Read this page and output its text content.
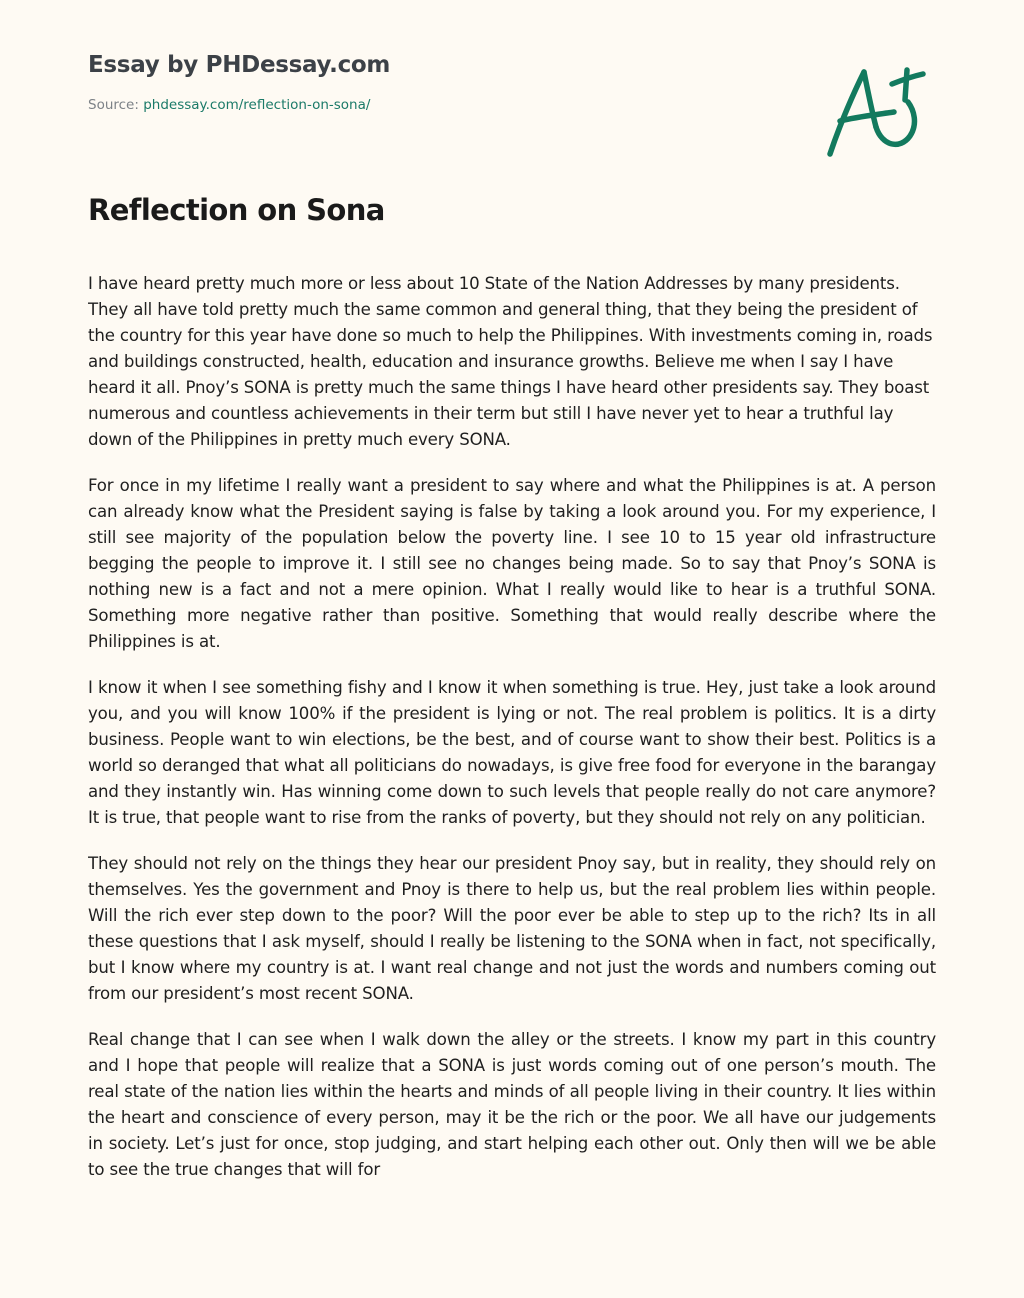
Essay by PHDessay.com
Source: phdessay.com/reflection-on-sona/
Reflection on Sona

I have heard pretty much more or less about 10 State of the Nation Addresses by many presidents. They all have told pretty much the same common and general thing, that they being the president of the country for this year have done so much to help the Philippines. With investments coming in, roads and buildings constructed, health, education and insurance growths. Believe me when I say I have heard it all. Pnoy’s SONA is pretty much the same things I have heard other presidents say. They boast numerous and countless achievements in their term but still I have never yet to hear a truthful lay down of the Philippines in pretty much every SONA.

For once in my lifetime I really want a president to say where and what the Philippines is at. A person can already know what the President saying is false by taking a look around you. For my experience, I still see majority of the population below the poverty line. I see 10 to 15 year old infrastructure begging the people to improve it. I still see no changes being made. So to say that Pnoy’s SONA is nothing new is a fact and not a mere opinion. What I really would like to hear is a truthful SONA. Something more negative rather than positive. Something that would really describe where the Philippines is at.

I know it when I see something fishy and I know it when something is true. Hey, just take a look around you, and you will know 100% if the president is lying or not. The real problem is politics. It is a dirty business. People want to win elections, be the best, and of course want to show their best. Politics is a world so deranged that what all politicians do nowadays, is give free food for everyone in the barangay and they instantly win. Has winning come down to such levels that people really do not care anymore? It is true, that people want to rise from the ranks of poverty, but they should not rely on any politician.

They should not rely on the things they hear our president Pnoy say, but in reality, they should rely on themselves. Yes the government and Pnoy is there to help us, but the real problem lies within people. Will the rich ever step down to the poor? Will the poor ever be able to step up to the rich? Its in all these questions that I ask myself, should I really be listening to the SONA when in fact, not specifically, but I know where my country is at. I want real change and not just the words and numbers coming out from our president’s most recent SONA.

Real change that I can see when I walk down the alley or the streets. I know my part in this country and I hope that people will realize that a SONA is just words coming out of one person’s mouth. The real state of the nation lies within the hearts and minds of all people living in their country. It lies within the heart and conscience of every person, may it be the rich or the poor. We all have our judgements in society. Let’s just for once, stop judging, and start helping each other out. Only then will we be able to see the true changes that will for
